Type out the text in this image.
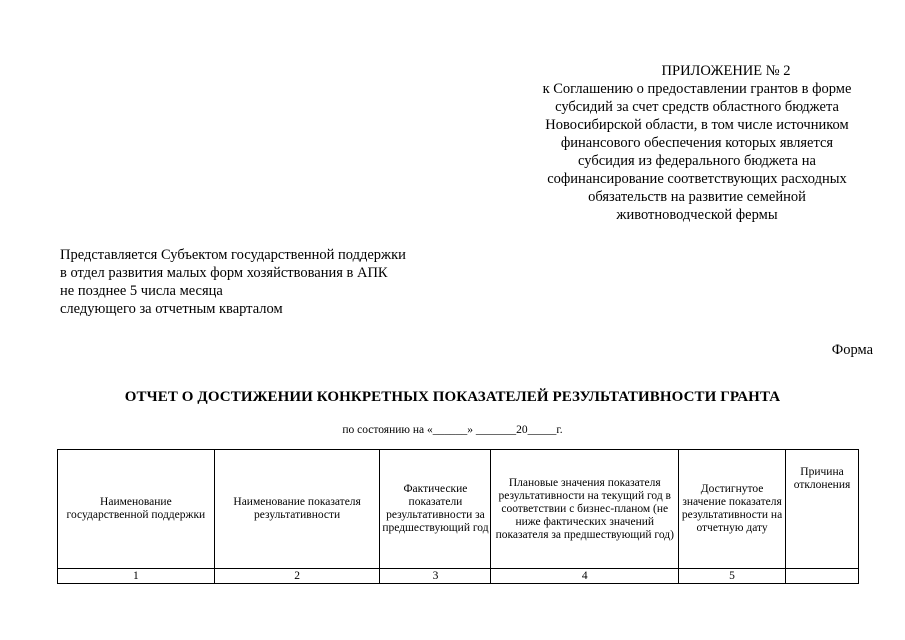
ПРИЛОЖЕНИЕ № 2
к Соглашению о предоставлении грантов в форме
субсидий за счет средств областного бюджета
Новосибирской области, в том числе источником
финансового обеспечения которых является
субсидия из федерального бюджета на
софинансирование соответствующих расходных
обязательств на развитие семейной
животноводческой фермы
Представляется Субъектом государственной поддержки
в отдел развития малых форм хозяйствования в АПК
не позднее 5 числа месяца
следующего за отчетным кварталом
Форма
ОТЧЕТ О ДОСТИЖЕНИИ КОНКРЕТНЫХ ПОКАЗАТЕЛЕЙ РЕЗУЛЬТАТИВНОСТИ ГРАНТА
по состоянию на «______» _______20_____г.
Наименование государственной поддержки	Наименование показателя результативности	Фактические показатели результативности за предшествующий год	Плановые значения показателя результативности на текущий год в соответствии с бизнес-планом (не ниже фактических значений показателя за предшествующий год)	Достигнутое значение показателя результативности на отчетную дату	Причина отклонения
1	2	3	4	5	
